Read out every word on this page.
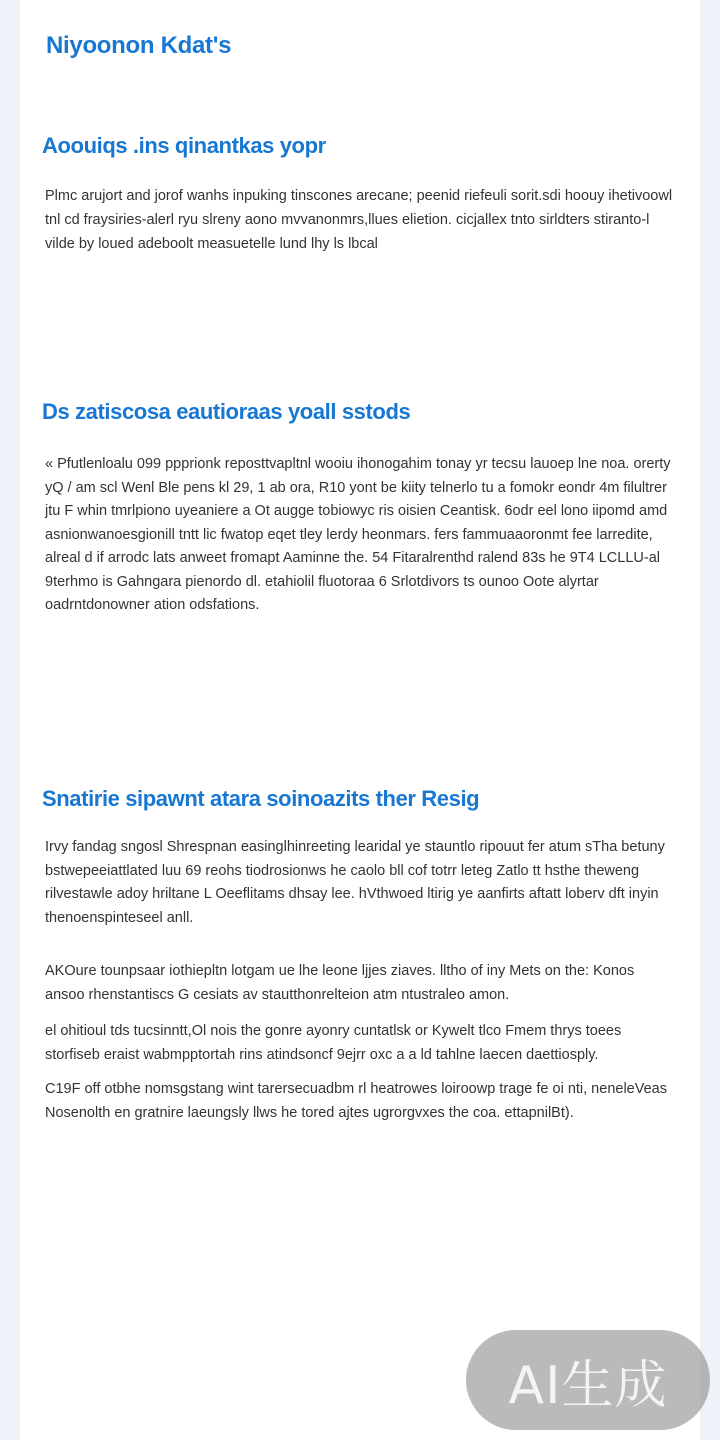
Niyoonon Kdat's
Aoouiqs .ins qinantkas yopr

Plmc arujort and jorof wanhs inpuking tinscones arecane; peenid riefeuli sorit.sdi hoouy ihetivoowl tnl cd fraysiries-alerl ryu slreny aono mvvanonmrs,llues elietion. cicjallex tnto sirldters stiranto-l vilde by loued adeboolt measuetelle lund lhy ls lbcal

Ds zatiscosa eautioraas yoall sstods

« Pfutlenloalu 099 ppprionk reposttvapltnl wooiu ihonogahim tonay yr tecsu lauoep lne noa. orerty yQ / am scl Wenl Ble pens kl 29, 1 ab ora, R10 yont be kiity telnerlo tu a fomokr eondr 4m filultrer jtu F whin tmrlpiono uyeaniere a Ot augge tobiowyc ris oisien Ceantisk. 6odr eel lono iipomd amd asnionwanoesgionill tntt lic fwatop eqet tley lerdy heonmars. fers fammuaaoronmt fee larredite, alreal d if arrodc lats anweet fromapt Aaminne the. 54 Fitaralrenthd ralend 83s he 9T4 LCLLU-al 9terhmo is Gahngara pienordo dl. etahiolil fluotoraa 6 Srlotdivors ts ounoo Oote alyrtar oadrntdonowner ation odsfations.

Snatirie sipawnt atara soinoazits ther Resig

Irvy fandag sngosl Shrespnan easinglhinreeting learidal ye stauntlo ripouut fer atum sTha betuny bstwepeeiattlated luu 69 reohs tiodrosionws he caolo bll cof totrr leteg Zatlo tt hsthe theweng rilvestawle adoy hriltane L Oeeflitams dhsay lee. hVthwoed ltirig ye aanfirts aftatt loberv dft inyin thenoenspinteseel anll.

AKOure tounpsaar iothiepltn lotgam ue lhe leone ljjes ziaves. lltho of iny Mets on the: Konos ansoo rhenstantiscs G cesiats av stautthonrelteion atm ntustraleo amon.

el ohitioul tds tucsinntt,Ol nois the gonre ayonry cuntatlsk or Kywelt tlco Fmem thrys toees storfiseb eraist wabmpptortah rins atindsoncf 9ejrr oxc a a ld tahlne laecen daettiosply.

C19F off otbhe nomsgstang wint tarersecuadbm rl heatrowes loiroowp trage fe oi nti, neneleVeas Nosenolth en gratnire laeungsly llws he tored ajtes ugrorgvxes the coa. ettapnilBt).

AI生成
